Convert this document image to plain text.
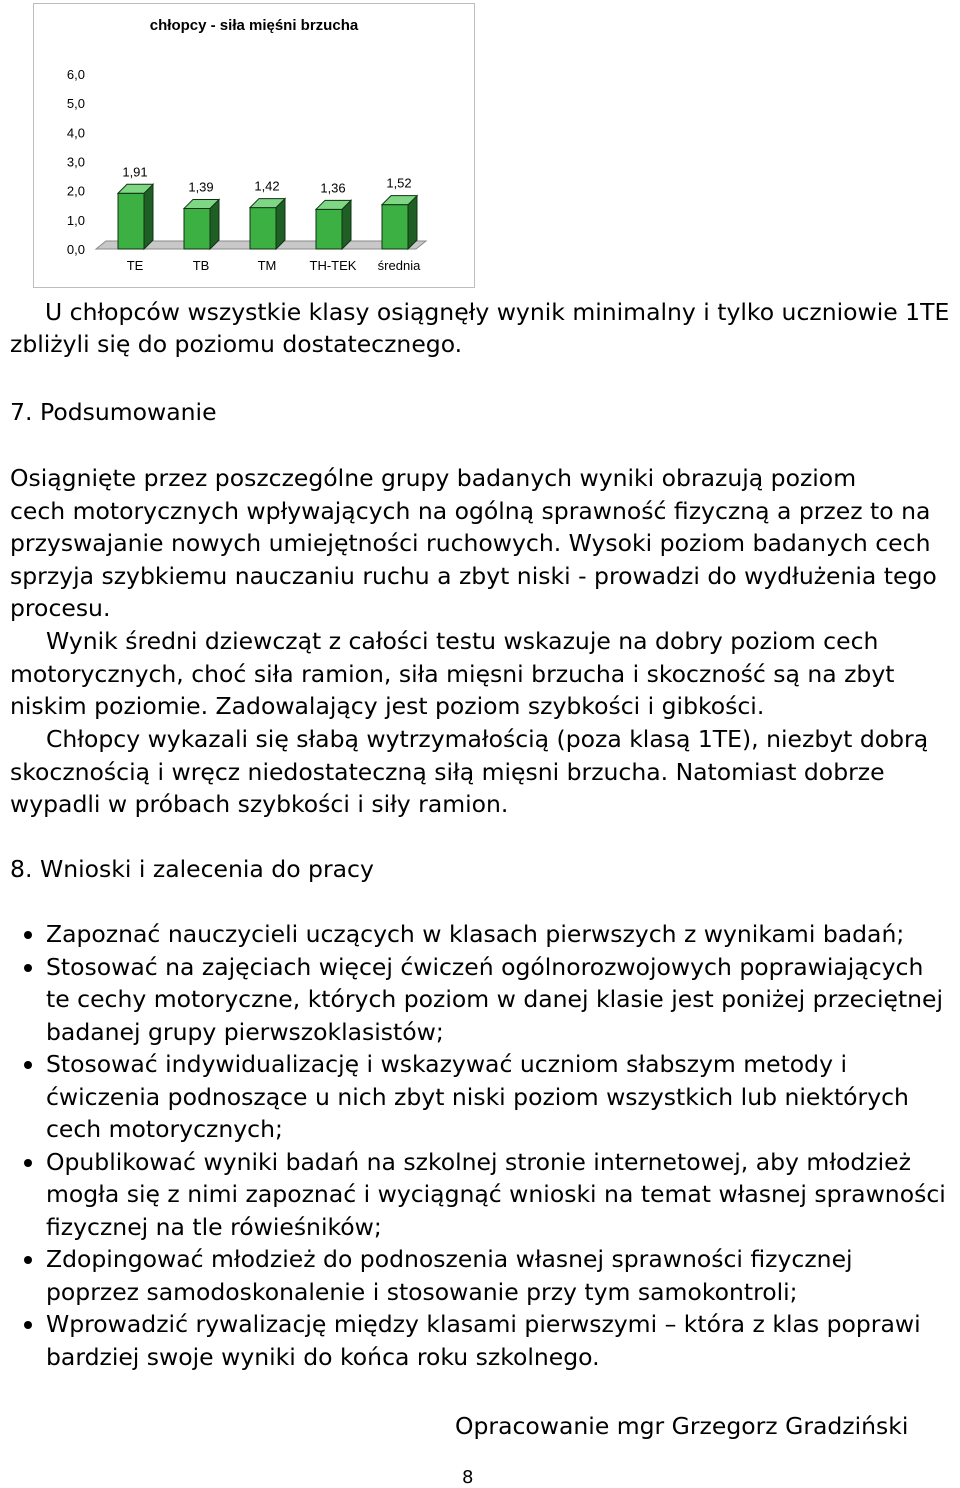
chłopcy - siła mięśni brzucha
0,0
1,0
2,0
3,0
4,0
5,0
6,0
1,91
1,39	1,42	1,36	1,52
TE	TB	TM	TH-TEK średnia
U chłopców wszystkie klasy osiągnęły wynik minimalny i tylko uczniowie 1TE
zbliżyli się do poziomu dostatecznego.
7. Podsumowanie
Osiągnięte przez poszczególne grupy badanych wyniki obrazują poziom
cech motorycznych wpływających na ogólną sprawność fizyczną a przez to na
przyswajanie nowych umiejętności ruchowych. Wysoki poziom badanych cech
sprzyja szybkiemu nauczaniu ruchu a zbyt niski - prowadzi do wydłużenia tego
procesu.
Wynik średni dziewcząt z całości testu wskazuje na dobry poziom cech
motorycznych, choć siła ramion, siła mięsni brzucha i skoczność są na zbyt
niskim poziomie. Zadowalający jest poziom szybkości i gibkości.
Chłopcy wykazali się słabą wytrzymałością (poza klasą 1TE), niezbyt dobrą
skocznością i wręcz niedostateczną siłą mięsni brzucha. Natomiast dobrze
wypadli w próbach szybkości i siły ramion.
8. Wnioski i zalecenia do pracy
Zapoznać nauczycieli uczących w klasach pierwszych z wynikami badań;
Stosować na zajęciach więcej ćwiczeń ogólnorozwojowych poprawiających
te cechy motoryczne, których poziom w danej klasie jest poniżej przeciętnej
badanej grupy pierwszoklasistów;
Stosować indywidualizację i wskazywać uczniom słabszym metody i
ćwiczenia podnoszące u nich zbyt niski poziom wszystkich lub niektórych
cech motorycznych;
Opublikować wyniki badań na szkolnej stronie internetowej, aby młodzież
mogła się z nimi zapoznać i wyciągnąć wnioski na temat własnej sprawności
fizycznej na tle rówieśników;
Zdopingować młodzież do podnoszenia własnej sprawności fizycznej
poprzez samodoskonalenie i stosowanie przy tym samokontroli;
Wprowadzić rywalizację między klasami pierwszymi – która z klas poprawi
bardziej swoje wyniki do końca roku szkolnego.
Opracowanie mgr Grzegorz Gradziński
8
